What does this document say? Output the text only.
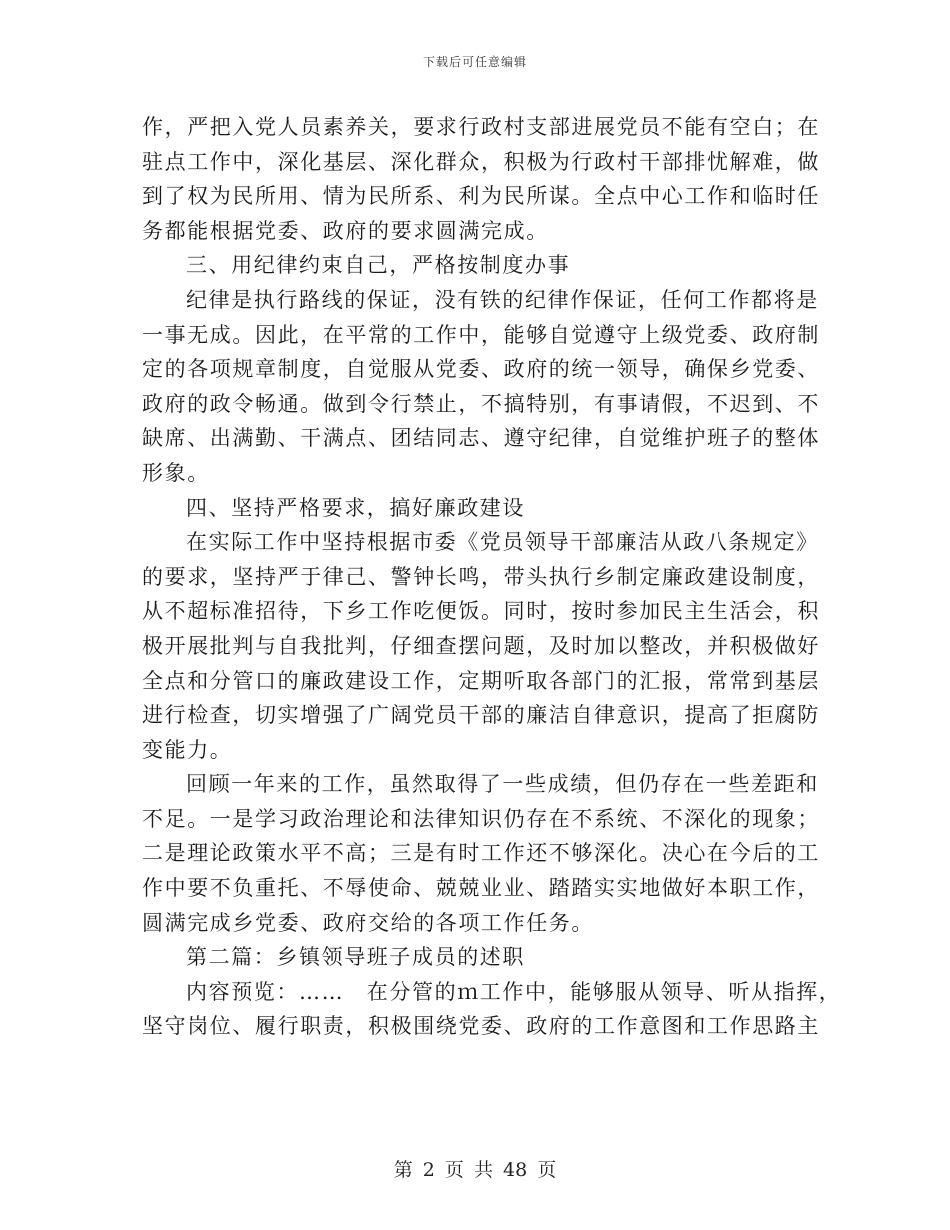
下载后可任意编辑

作，严把入党人员素养关，要求行政村支部进展党员不能有空白；在

驻点工作中，深化基层、深化群众，积极为行政村干部排忧解难，做

到了权为民所用、情为民所系、利为民所谋。全点中心工作和临时任

务都能根据党委、政府的要求圆满完成。

三、用纪律约束自己，严格按制度办事

纪律是执行路线的保证，没有铁的纪律作保证，任何工作都将是

一事无成。因此，在平常的工作中，能够自觉遵守上级党委、政府制

定的各项规章制度，自觉服从党委、政府的统一领导，确保乡党委、

政府的政令畅通。做到令行禁止，不搞特别，有事请假，不迟到、不

缺席、出满勤、干满点、团结同志、遵守纪律，自觉维护班子的整体

形象。

四、坚持严格要求，搞好廉政建设

在实际工作中坚持根据市委《党员领导干部廉洁从政八条规定》

的要求，坚持严于律己、警钟长鸣，带头执行乡制定廉政建设制度，

从不超标准招待，下乡工作吃便饭。同时，按时参加民主生活会，积

极开展批判与自我批判，仔细查摆问题，及时加以整改，并积极做好

全点和分管口的廉政建设工作，定期听取各部门的汇报，常常到基层

进行检查，切实增强了广阔党员干部的廉洁自律意识，提高了拒腐防

变能力。

回顾一年来的工作，虽然取得了一些成绩，但仍存在一些差距和

不足。一是学习政治理论和法律知识仍存在不系统、不深化的现象；

二是理论政策水平不高；三是有时工作还不够深化。决心在今后的工

作中要不负重托、不辱使命、兢兢业业、踏踏实实地做好本职工作，

圆满完成乡党委、政府交给的各项工作任务。

第二篇：乡镇领导班子成员的述职

内容预览：……　在分管的ｍ工作中，能够服从领导、听从指挥，

坚守岗位、履行职责，积极围绕党委、政府的工作意图和工作思路主

第 2 页 共 48 页
